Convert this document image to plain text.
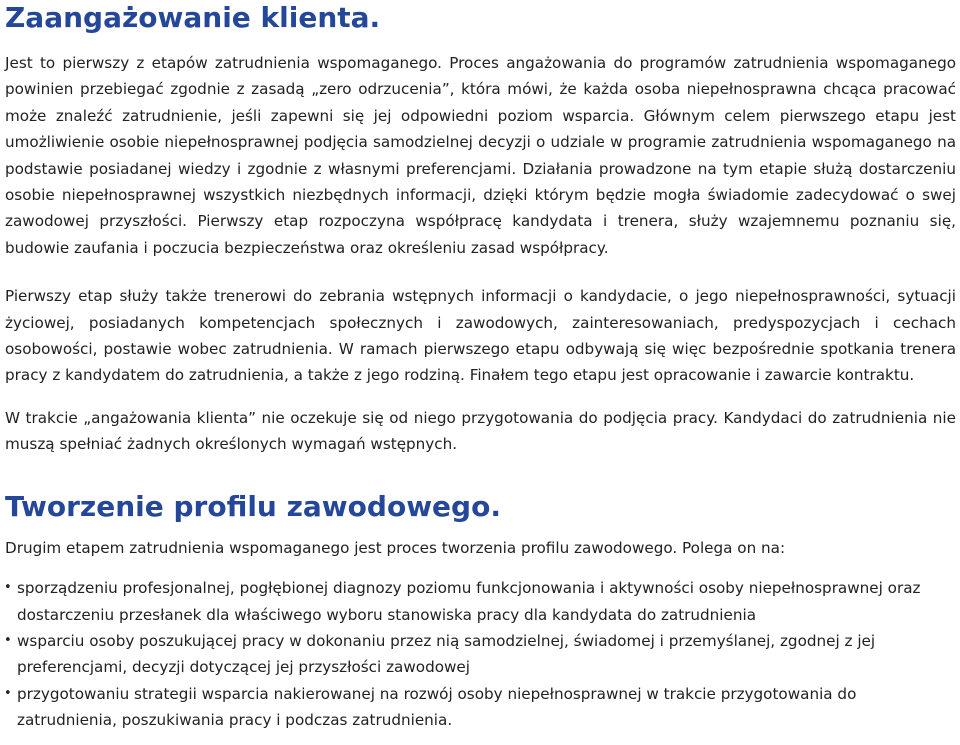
Zaangażowanie klienta.

Jest to pierwszy z etapów zatrudnienia wspomaganego. Proces angażowania do programów zatrudnienia wspomaganego powinien przebiegać zgodnie z zasadą „zero odrzucenia”, która mówi, że każda osoba niepełnosprawna chcąca pracować może znaleźć zatrudnienie, jeśli zapewni się jej odpowiedni poziom wsparcia. Głównym celem pierwszego etapu jest umożliwienie osobie niepełnosprawnej podjęcia samodzielnej decyzji o udziale w programie zatrudnienia wspomaganego na podstawie posiadanej wiedzy i zgodnie z własnymi preferencjami. Działania prowadzone na tym etapie służą dostarczeniu osobie niepełnosprawnej wszystkich niezbędnych informacji, dzięki którym będzie mogła świadomie zadecydować o swej zawodowej przyszłości. Pierwszy etap rozpoczyna współpracę kandydata i trenera, służy wzajemnemu poznaniu się, budowie zaufania i poczucia bezpieczeństwa oraz określeniu zasad współpracy.

Pierwszy etap służy także trenerowi do zebrania wstępnych informacji o kandydacie, o jego niepełnosprawności, sytuacji życiowej, posiadanych kompetencjach społecznych i zawodowych, zainteresowaniach, predyspozycjach i cechach osobowości, postawie wobec zatrudnienia. W ramach pierwszego etapu odbywają się więc bezpośrednie spotkania trenera pracy z kandydatem do zatrudnienia, a także z jego rodziną. Finałem tego etapu jest opracowanie i zawarcie kontraktu.

W trakcie „angażowania klienta” nie oczekuje się od niego przygotowania do podjęcia pracy. Kandydaci do zatrudnienia nie muszą spełniać żadnych określonych wymagań wstępnych.

Tworzenie profilu zawodowego.

Drugim etapem zatrudnienia wspomaganego jest proces tworzenia profilu zawodowego. Polega on na:

• sporządzeniu profesjonalnej, pogłębionej diagnozy poziomu funkcjonowania i aktywności osoby niepełnosprawnej oraz dostarczeniu przesłanek dla właściwego wyboru stanowiska pracy dla kandydata do zatrudnienia
• wsparciu osoby poszukującej pracy w dokonaniu przez nią samodzielnej, świadomej i przemyślanej, zgodnej z jej preferencjami, decyzji dotyczącej jej przyszłości zawodowej
• przygotowaniu strategii wsparcia nakierowanej na rozwój osoby niepełnosprawnej w trakcie przygotowania do zatrudnienia, poszukiwania pracy i podczas zatrudnienia.
